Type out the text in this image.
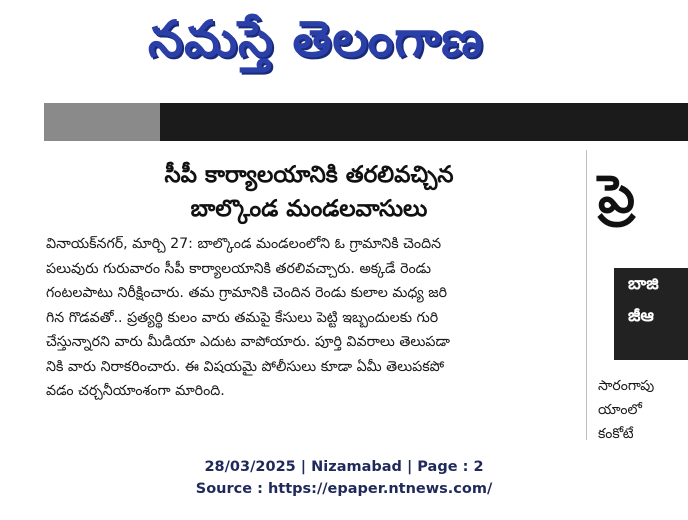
నమస్తే తెలంగాణ
సీపీ కార్యాలయానికి తరలివచ్చిన
బాల్కొండ మండలవాసులు
వినాయక్‌నగర్, మార్చి 27: బాల్కొండ మండలంలోని ఓ గ్రామానికి చెందిన
పలువురు గురువారం సీపీ కార్యాలయానికి తరలివచ్చారు. అక్కడే రెండు
గంటలపాటు నిరీక్షించారు. తమ గ్రామానికి చెందిన రెండు కులాల మధ్య జరి
గిన గొడవతో.. ప్రత్యర్థి కులం వారు తమపై కేసులు పెట్టి ఇబ్బందులకు గురి
చేస్తున్నారని వారు మీడియా ఎదుట వాపోయారు. పూర్తి వివరాలు తెలుపడా
నికి వారు నిరాకరించారు. ఈ విషయమై పోలీసులు కూడా ఏమీ తెలుపకపో
వడం చర్చనీయాంశంగా మారింది.
ప్రె
బాజి
జీఆ
సారంగాపు
యాంలో
కంకోటే
28/03/2025 | Nizamabad | Page : 2
Source : https://epaper.ntnews.com/
